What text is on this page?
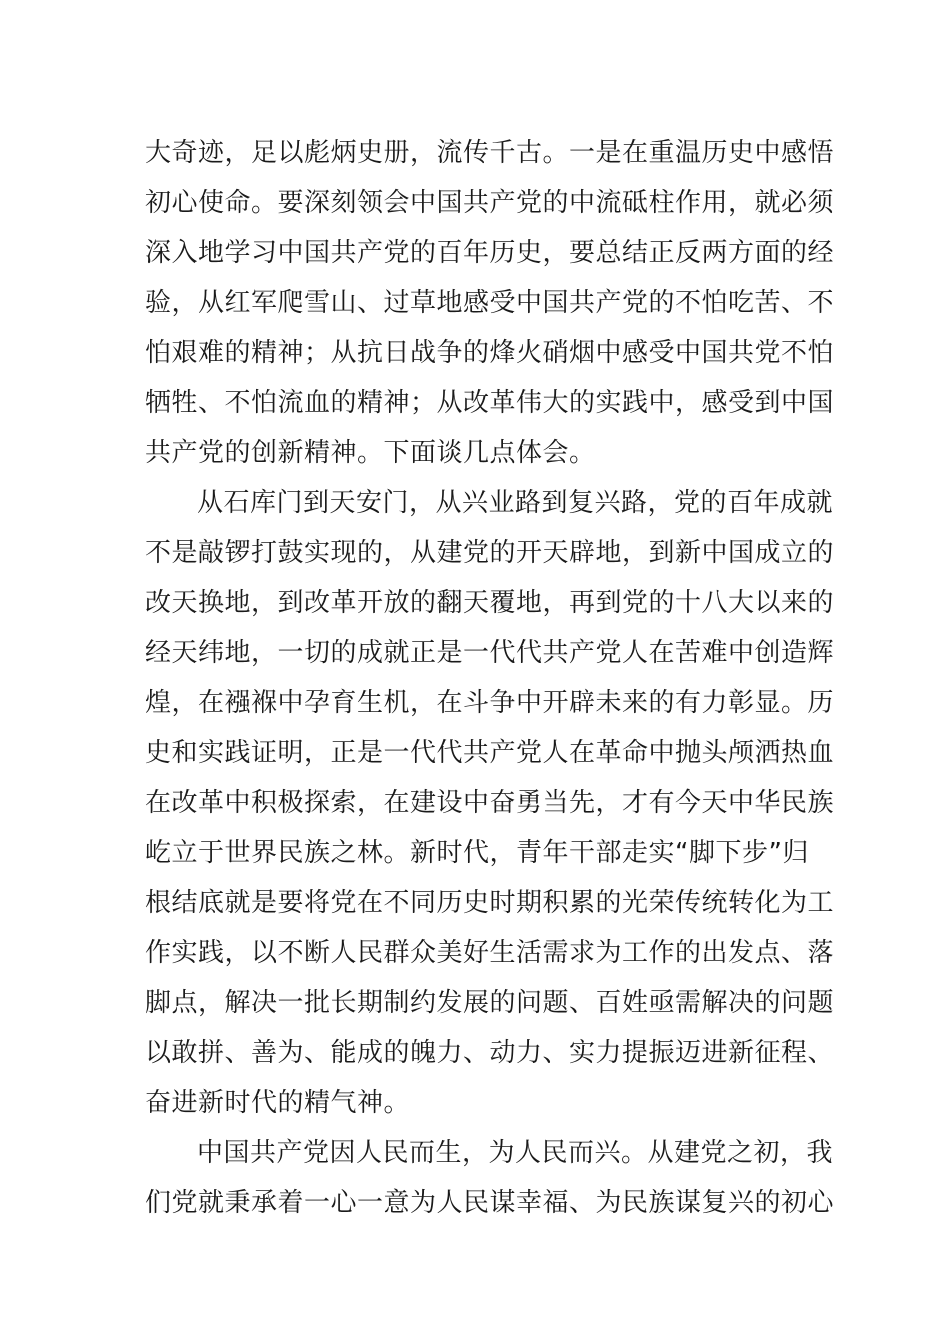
大奇迹，足以彪炳史册，流传千古。一是在重温历史中感悟
初心使命。要深刻领会中国共产党的中流砥柱作用，就必须
深入地学习中国共产党的百年历史，要总结正反两方面的经
验，从红军爬雪山、过草地感受中国共产党的不怕吃苦、不
怕艰难的精神；从抗日战争的烽火硝烟中感受中国共党不怕
牺牲、不怕流血的精神；从改革伟大的实践中，感受到中国
共产党的创新精神。下面谈几点体会。
从石库门到天安门，从兴业路到复兴路，党的百年成就
不是敲锣打鼓实现的，从建党的开天辟地，到新中国成立的
改天换地，到改革开放的翻天覆地，再到党的十八大以来的
经天纬地，一切的成就正是一代代共产党人在苦难中创造辉
煌，在襁褓中孕育生机，在斗争中开辟未来的有力彰显。历
史和实践证明，正是一代代共产党人在革命中抛头颅洒热血
在改革中积极探索，在建设中奋勇当先，才有今天中华民族
屹立于世界民族之林。新时代，青年干部走实“脚下步”归
根结底就是要将党在不同历史时期积累的光荣传统转化为工
作实践，以不断人民群众美好生活需求为工作的出发点、落
脚点，解决一批长期制约发展的问题、百姓亟需解决的问题
以敢拼、善为、能成的魄力、动力、实力提振迈进新征程、
奋进新时代的精气神。
中国共产党因人民而生，为人民而兴。从建党之初，我
们党就秉承着一心一意为人民谋幸福、为民族谋复兴的初心
